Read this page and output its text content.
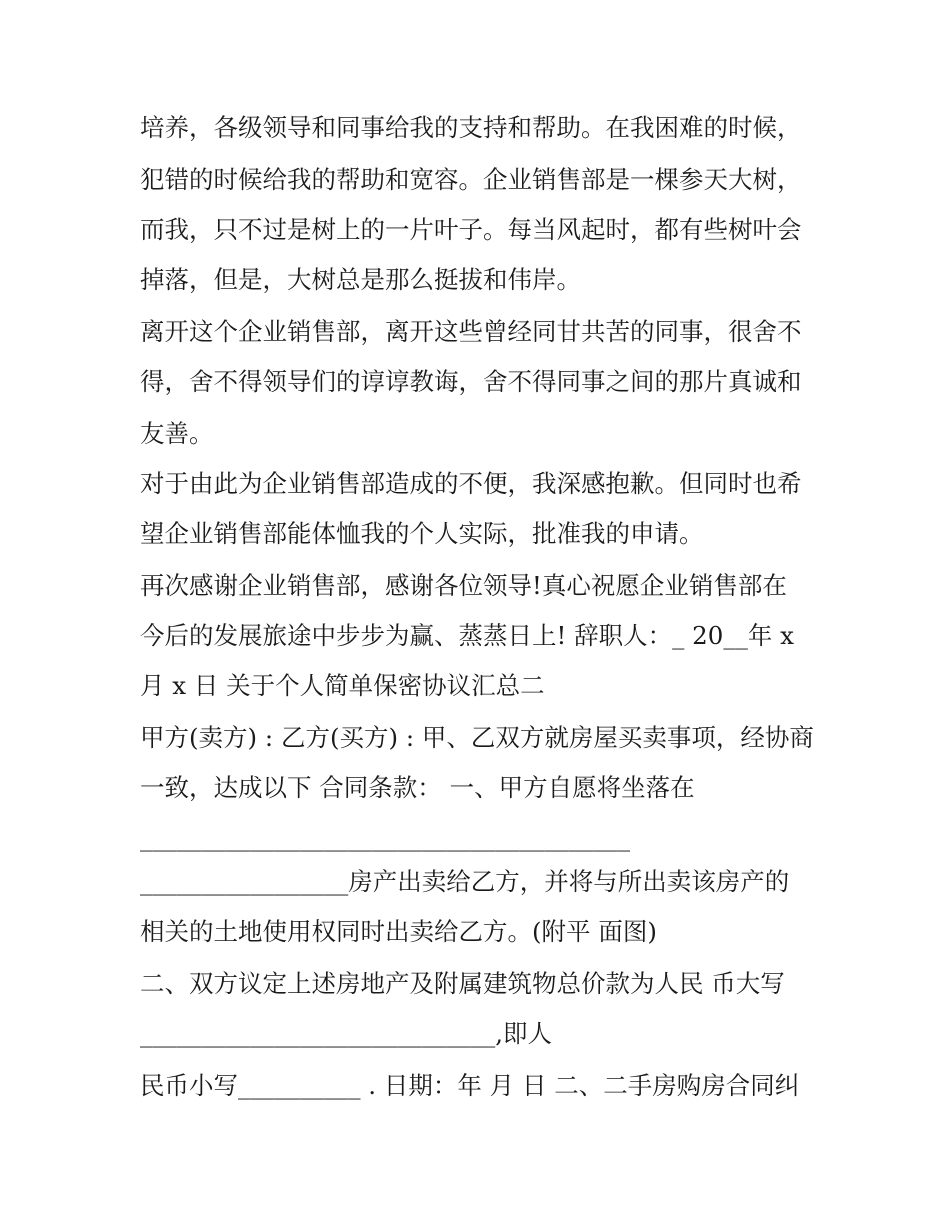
培养，各级领导和同事给我的支持和帮助。在我困难的时候，

犯错的时候给我的帮助和宽容。企业销售部是一棵参天大树，

而我，只不过是树上的一片叶子。每当风起时，都有些树叶会

掉落，但是，大树总是那么挺拔和伟岸。

离开这个企业销售部，离开这些曾经同甘共苦的同事，很舍不

得，舍不得领导们的谆谆教诲，舍不得同事之间的那片真诚和

友善。

对于由此为企业销售部造成的不便，我深感抱歉。但同时也希

望企业销售部能体恤我的个人实际，批准我的申请。

再次感谢企业销售部，感谢各位领导!真心祝愿企业销售部在

今后的发展旅途中步步为赢、蒸蒸日上! 辞职人：_ 20__年 x

月 x 日 关于个人简单保密协议汇总二

甲方(卖方) : 乙方(买方) : 甲、乙双方就房屋买卖事项，经协商

一致，达成以下 合同条款： 一、甲方自愿将坐落在

________________________________________

_________________房产出卖给乙方，并将与所出卖该房产的

相关的土地使用权同时出卖给乙方。(附平 面图)

二、双方议定上述房地产及附属建筑物总价款为人民 币大写

_____________________________,即人

民币小写__________ . 日期：年 月 日 二、二手房购房合同纠
